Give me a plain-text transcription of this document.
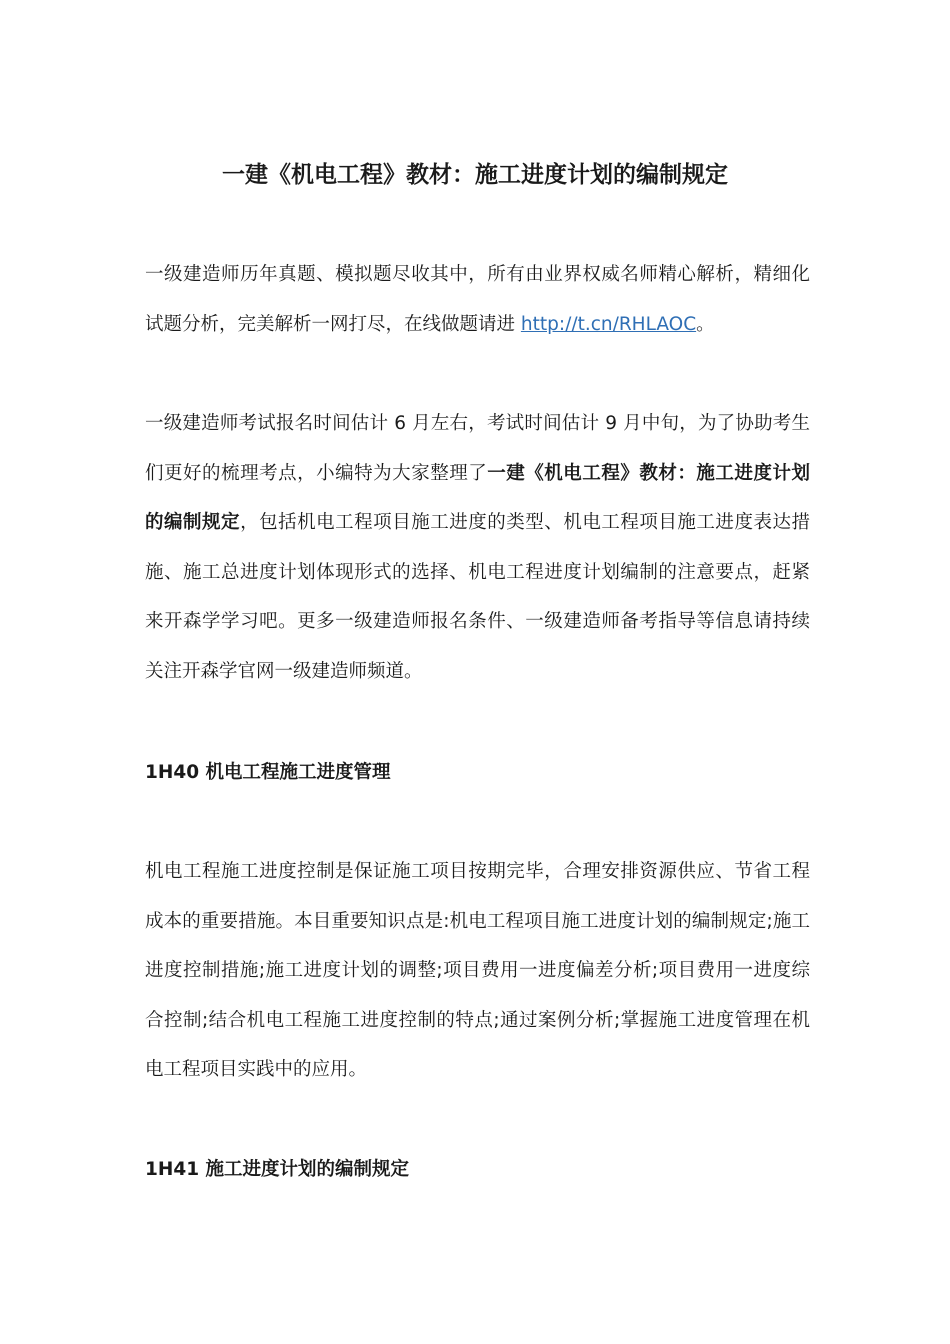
一建《机电工程》教材：施工进度计划的编制规定
一级建造师历年真题、模拟题尽收其中，所有由业界权威名师精心解析，精细化试题分析，完美解析一网打尽，在线做题请进 http://t.cn/RHLAOC。
一级建造师考试报名时间估计 6 月左右，考试时间估计 9 月中旬，为了协助考生们更好的梳理考点，小编特为大家整理了一建《机电工程》教材：施工进度计划的编制规定，包括机电工程项目施工进度的类型、机电工程项目施工进度表达措施、施工总进度计划体现形式的选择、机电工程进度计划编制的注意要点，赶紧来开森学学习吧。更多一级建造师报名条件、一级建造师备考指导等信息请持续关注开森学官网一级建造师频道。
1H40 机电工程施工进度管理
机电工程施工进度控制是保证施工项目按期完毕，合理安排资源供应、节省工程成本的重要措施。本目重要知识点是:机电工程项目施工进度计划的编制规定;施工进度控制措施;施工进度计划的调整;项目费用一进度偏差分析;项目费用一进度综合控制;结合机电工程施工进度控制的特点;通过案例分析;掌握施工进度管理在机电工程项目实践中的应用。
1H41 施工进度计划的编制规定
